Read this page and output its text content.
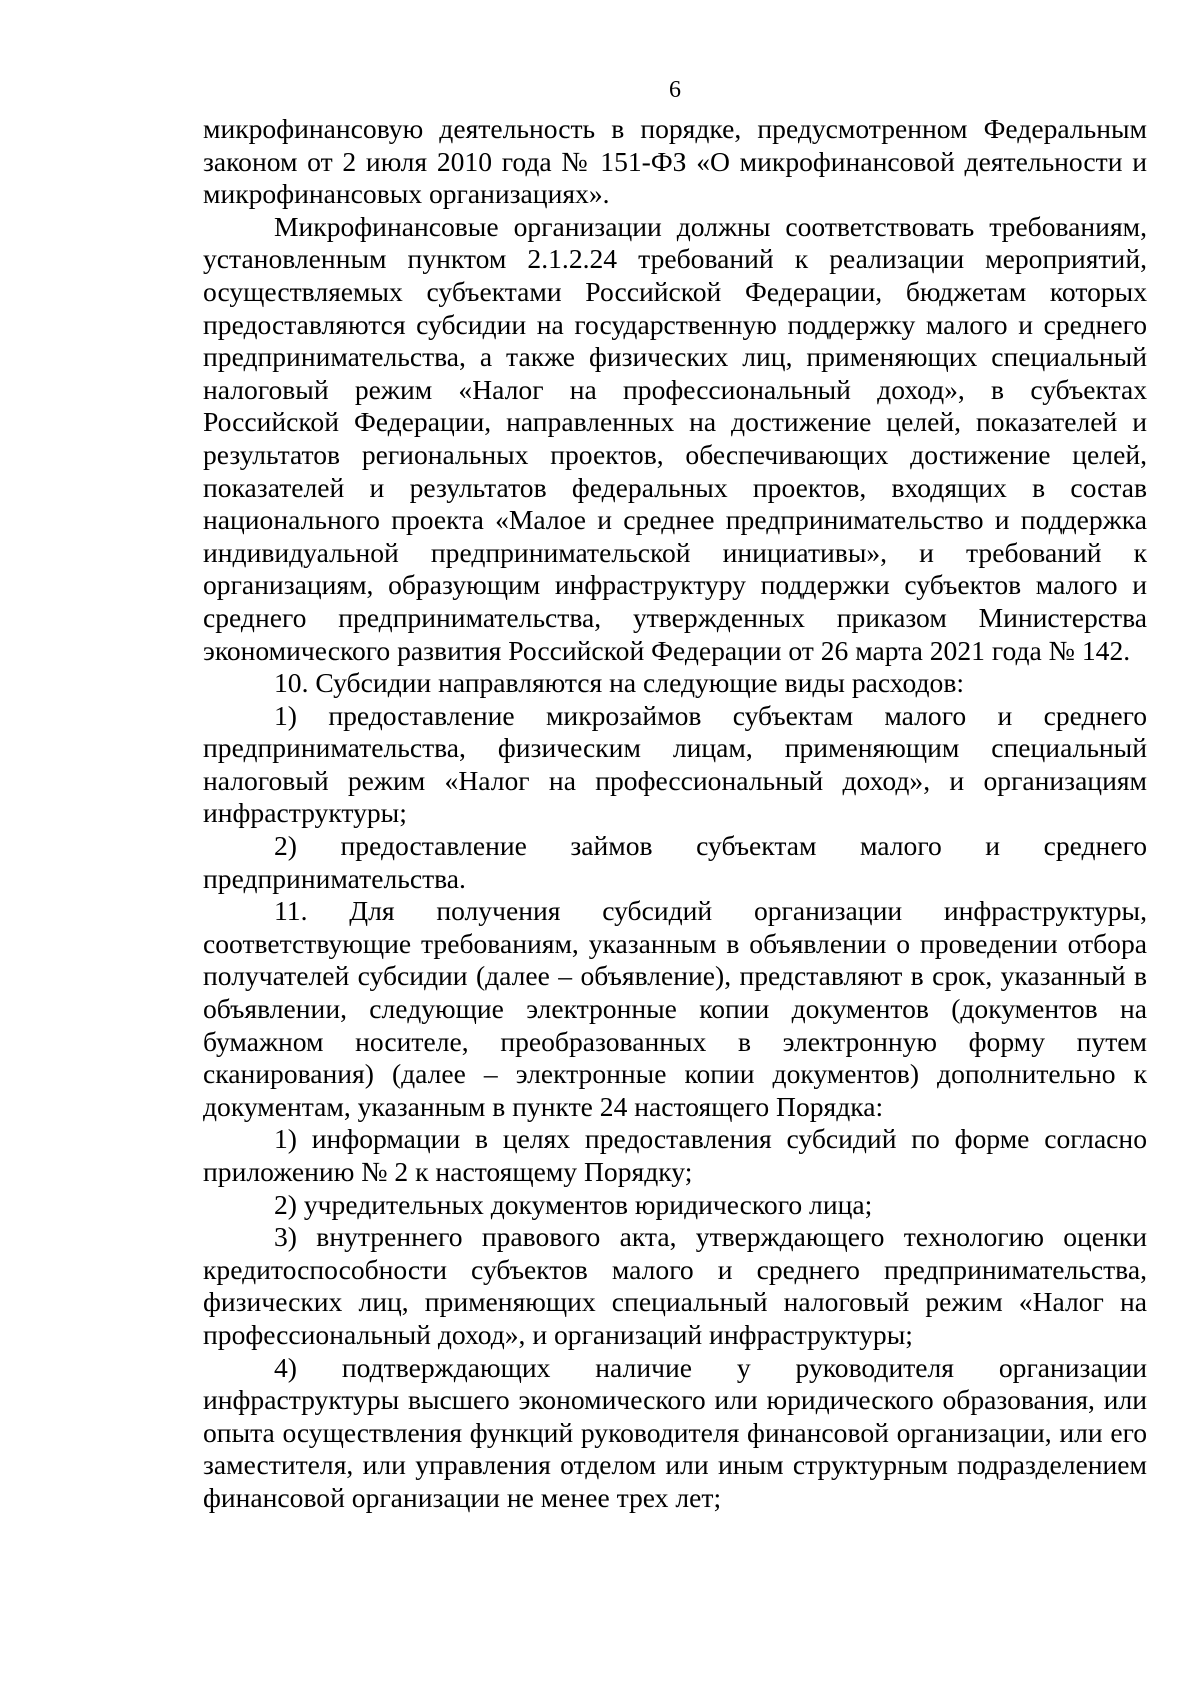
6

микрофинансовую деятельность в порядке, предусмотренном Федеральным законом от 2 июля 2010 года № 151-ФЗ «О микрофинансовой деятельности и микрофинансовых организациях».

Микрофинансовые организации должны соответствовать требованиям, установленным пунктом 2.1.2.24 требований к реализации мероприятий, осуществляемых субъектами Российской Федерации, бюджетам которых предоставляются субсидии на государственную поддержку малого и среднего предпринимательства, а также физических лиц, применяющих специальный налоговый режим «Налог на профессиональный доход», в субъектах Российской Федерации, направленных на достижение целей, показателей и результатов региональных проектов, обеспечивающих достижение целей, показателей и результатов федеральных проектов, входящих в состав национального проекта «Малое и среднее предпринимательство и поддержка индивидуальной предпринимательской инициативы», и требований к организациям, образующим инфраструктуру поддержки субъектов малого и среднего предпринимательства, утвержденных приказом Министерства экономического развития Российской Федерации от 26 марта 2021 года № 142.

10. Субсидии направляются на следующие виды расходов:

1) предоставление микрозаймов субъектам малого и среднего предпринимательства, физическим лицам, применяющим специальный налоговый режим «Налог на профессиональный доход», и организациям инфраструктуры;

2) предоставление займов субъектам малого и среднего предпринимательства.

11. Для получения субсидий организации инфраструктуры, соответствующие требованиям, указанным в объявлении о проведении отбора получателей субсидии (далее – объявление), представляют в срок, указанный в объявлении, следующие электронные копии документов (документов на бумажном носителе, преобразованных в электронную форму путем сканирования) (далее – электронные копии документов) дополнительно к документам, указанным в пункте 24 настоящего Порядка:

1) информации в целях предоставления субсидий по форме согласно приложению № 2 к настоящему Порядку;

2) учредительных документов юридического лица;

3) внутреннего правового акта, утверждающего технологию оценки кредитоспособности субъектов малого и среднего предпринимательства, физических лиц, применяющих специальный налоговый режим «Налог на профессиональный доход», и организаций инфраструктуры;

4) подтверждающих наличие у руководителя организации инфраструктуры высшего экономического или юридического образования, или опыта осуществления функций руководителя финансовой организации, или его заместителя, или управления отделом или иным структурным подразделением финансовой организации не менее трех лет;
